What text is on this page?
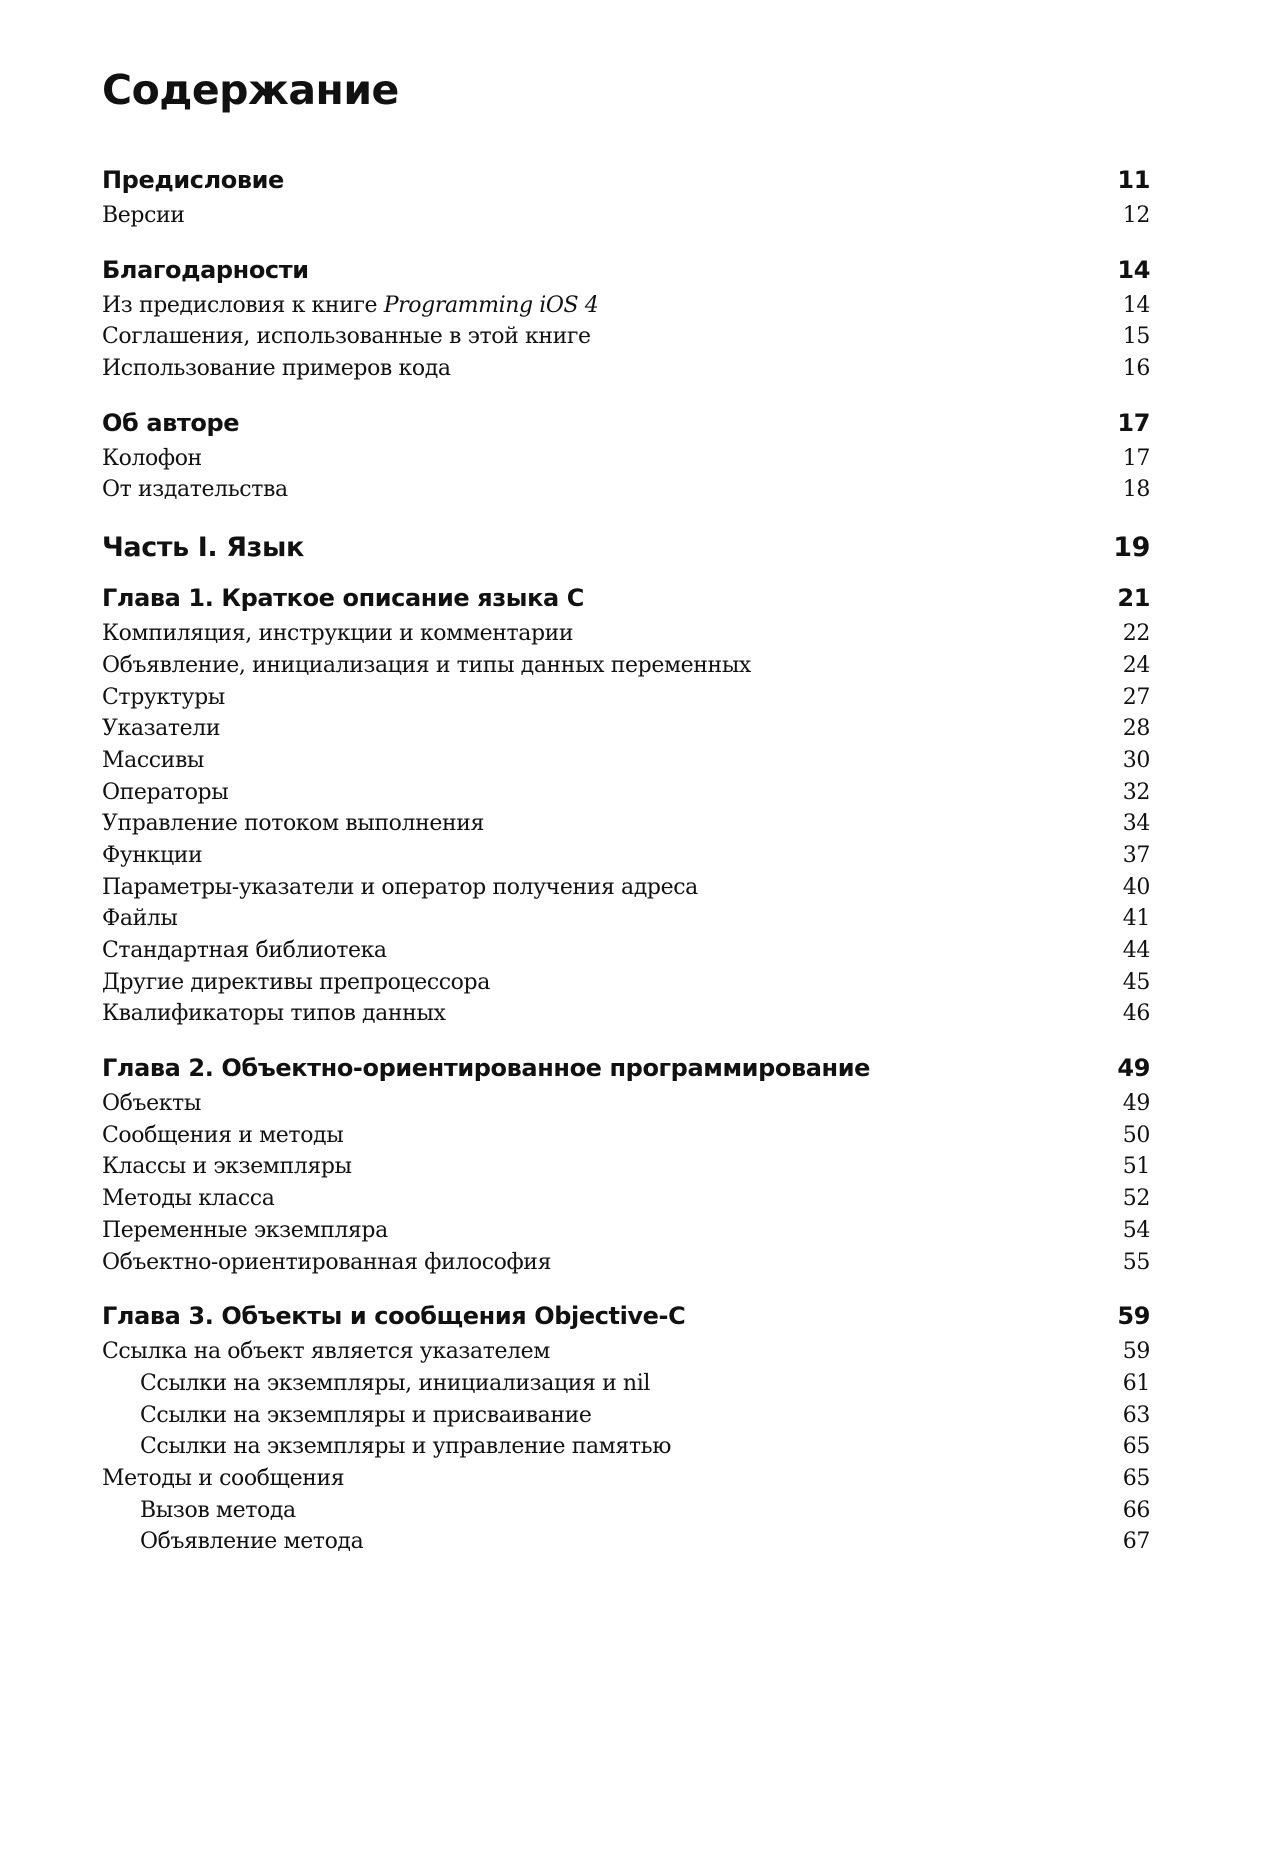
Содержание
Предисловие	11
Версии	12
Благодарности	14
Из предисловия к книге Programming iOS 4	14
Соглашения, использованные в этой книге	15
Использование примеров кода	16
Об авторе	17
Колофон	17
От издательства	18
Часть I. Язык	19
Глава 1. Краткое описание языка C	21
Компиляция, инструкции и комментарии	22
Объявление, инициализация и типы данных переменных	24
Структуры	27
Указатели	28
Массивы	30
Операторы	32
Управление потоком выполнения	34
Функции	37
Параметры-указатели и оператор получения адреса	40
Файлы	41
Стандартная библиотека	44
Другие директивы препроцессора	45
Квалификаторы типов данных	46
Глава 2. Объектно-ориентированное программирование	49
Объекты	49
Сообщения и методы	50
Классы и экземпляры	51
Методы класса	52
Переменные экземпляра	54
Объектно-ориентированная философия	55
Глава 3. Объекты и сообщения Objective-C	59
Ссылка на объект является указателем	59
Ссылки на экземпляры, инициализация и nil	61
Ссылки на экземпляры и присваивание	63
Ссылки на экземпляры и управление памятью	65
Методы и сообщения	65
Вызов метода	66
Объявление метода	67
